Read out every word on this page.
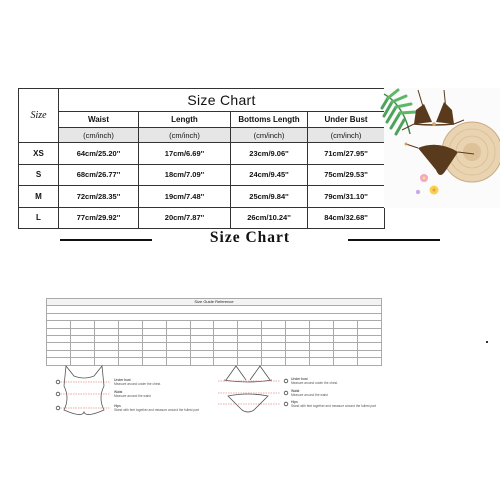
Size	Size Chart			
	Waist	Length	Bottoms Length	Under Bust
	(cm/inch)	(cm/inch)	(cm/inch)	(cm/inch)
XS	64cm/25.20''	17cm/6.69''	23cm/9.06''	71cm/27.95''
S	68cm/26.77''	18cm/7.09''	24cm/9.45''	75cm/29.53''
M	72cm/28.35''	19cm/7.48''	25cm/9.84''	79cm/31.10''
L	77cm/29.92''	20cm/7.87''	26cm/10.24''	84cm/32.68''
Size Chart
Size Guide Reference													

Under bust
Measure around under the chest.
Waist
Measure around the waist
Hips
Stand with feet together and measure around the fullest part
Under bust
Measure around under the chest.
Waist
Measure around the waist
Hips
Stand with feet together and measure around the fullest part
